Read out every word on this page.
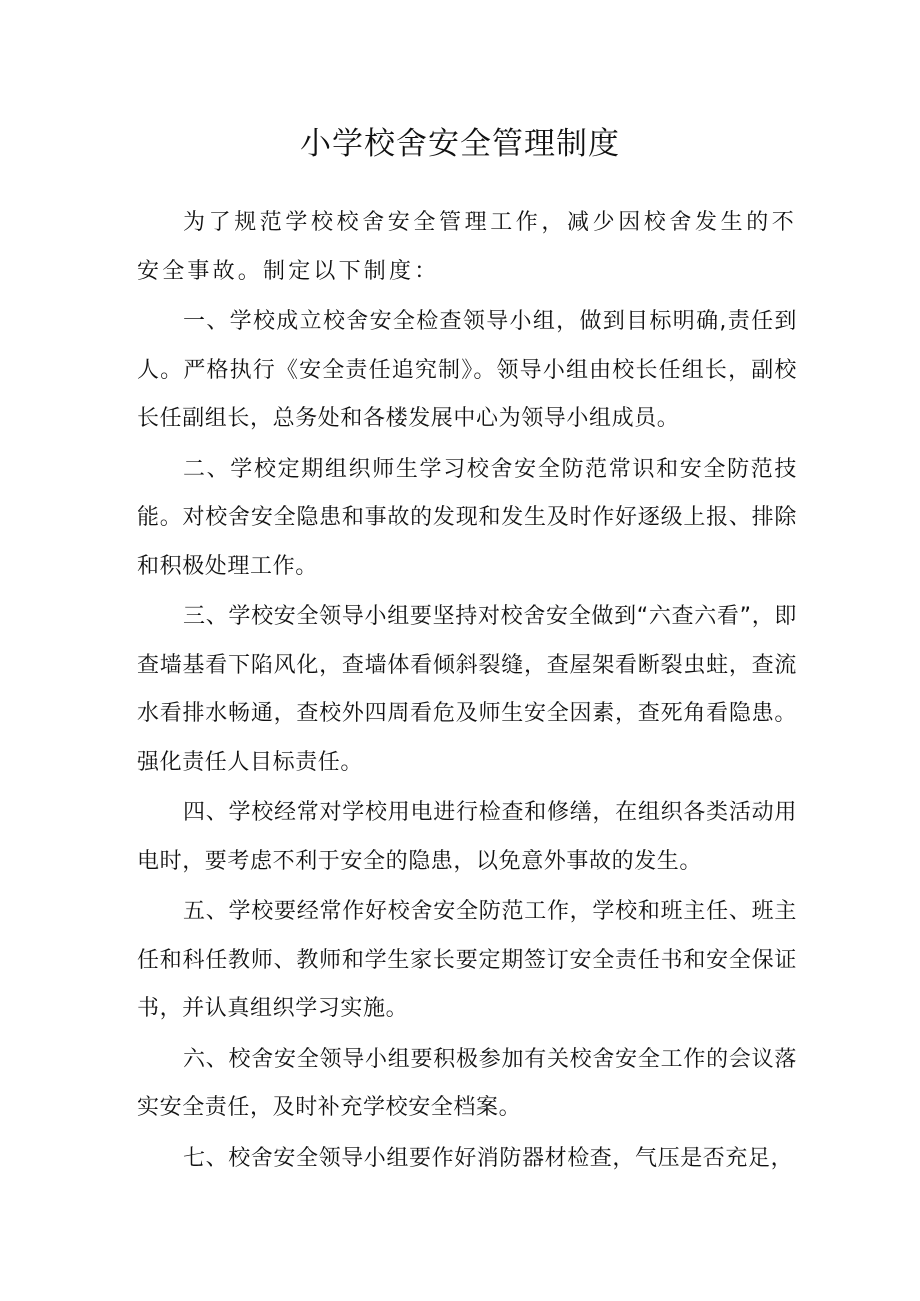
小学校舍安全管理制度

为了规范学校校舍安全管理工作，减少因校舍发生的不安全事故。制定以下制度：

一、学校成立校舍安全检查领导小组，做到目标明确,责任到人。严格执行《安全责任追究制》。领导小组由校长任组长，副校长任副组长，总务处和各楼发展中心为领导小组成员。

二、学校定期组织师生学习校舍安全防范常识和安全防范技能。对校舍安全隐患和事故的发现和发生及时作好逐级上报、排除和积极处理工作。

三、学校安全领导小组要坚持对校舍安全做到“六查六看”，即查墙基看下陷风化，查墙体看倾斜裂缝，查屋架看断裂虫蛀，查流水看排水畅通，查校外四周看危及师生安全因素，查死角看隐患。强化责任人目标责任。

四、学校经常对学校用电进行检查和修缮，在组织各类活动用电时，要考虑不利于安全的隐患，以免意外事故的发生。

五、学校要经常作好校舍安全防范工作，学校和班主任、班主任和科任教师、教师和学生家长要定期签订安全责任书和安全保证书，并认真组织学习实施。

六、校舍安全领导小组要积极参加有关校舍安全工作的会议落实安全责任，及时补充学校安全档案。

七、校舍安全领导小组要作好消防器材检查，气压是否充足，
